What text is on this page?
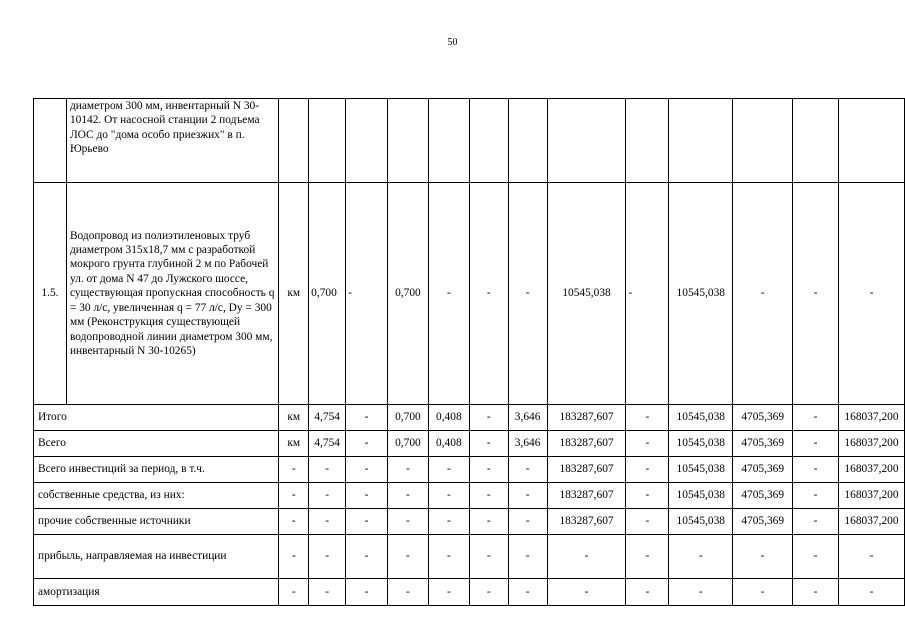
50
	диаметром 300 мм, инвентарный N 30-10142. От насосной станции 2 подъема ЛОС до "дома особо приезжих" в п. Юрьево													
1.5.	Водопровод из полиэтиленовых труб диаметром 315x18,7 мм с разработкой мокрого грунта глубиной 2 м по Рабочей ул. от дома N 47 до Лужского шоссе, существующая пропускная способность q = 30 л/с, увеличенная q = 77 л/с, Dy = 300 мм (Реконструкция существующей водопроводной линии диаметром 300 мм, инвентарный N 30-10265)	км	0,700	-	0,700	-	-	-	10545,038	-	10545,038	-	-	-
Итого		км	4,754	-	0,700	0,408	-	3,646	183287,607	-	10545,038	4705,369	-	168037,200
Всего		км	4,754	-	0,700	0,408	-	3,646	183287,607	-	10545,038	4705,369	-	168037,200
Всего инвестиций за период, в т.ч.		-	-	-	-	-	-	-	183287,607	-	10545,038	4705,369	-	168037,200
собственные средства, из них:		-	-	-	-	-	-	-	183287,607	-	10545,038	4705,369	-	168037,200
прочие собственные источники		-	-	-	-	-	-	-	183287,607	-	10545,038	4705,369	-	168037,200
прибыль, направляемая на инвестиции		-	-	-	-	-	-	-	-	-	-	-	-	-
амортизация		-	-	-	-	-	-	-	-	-	-	-	-	-
